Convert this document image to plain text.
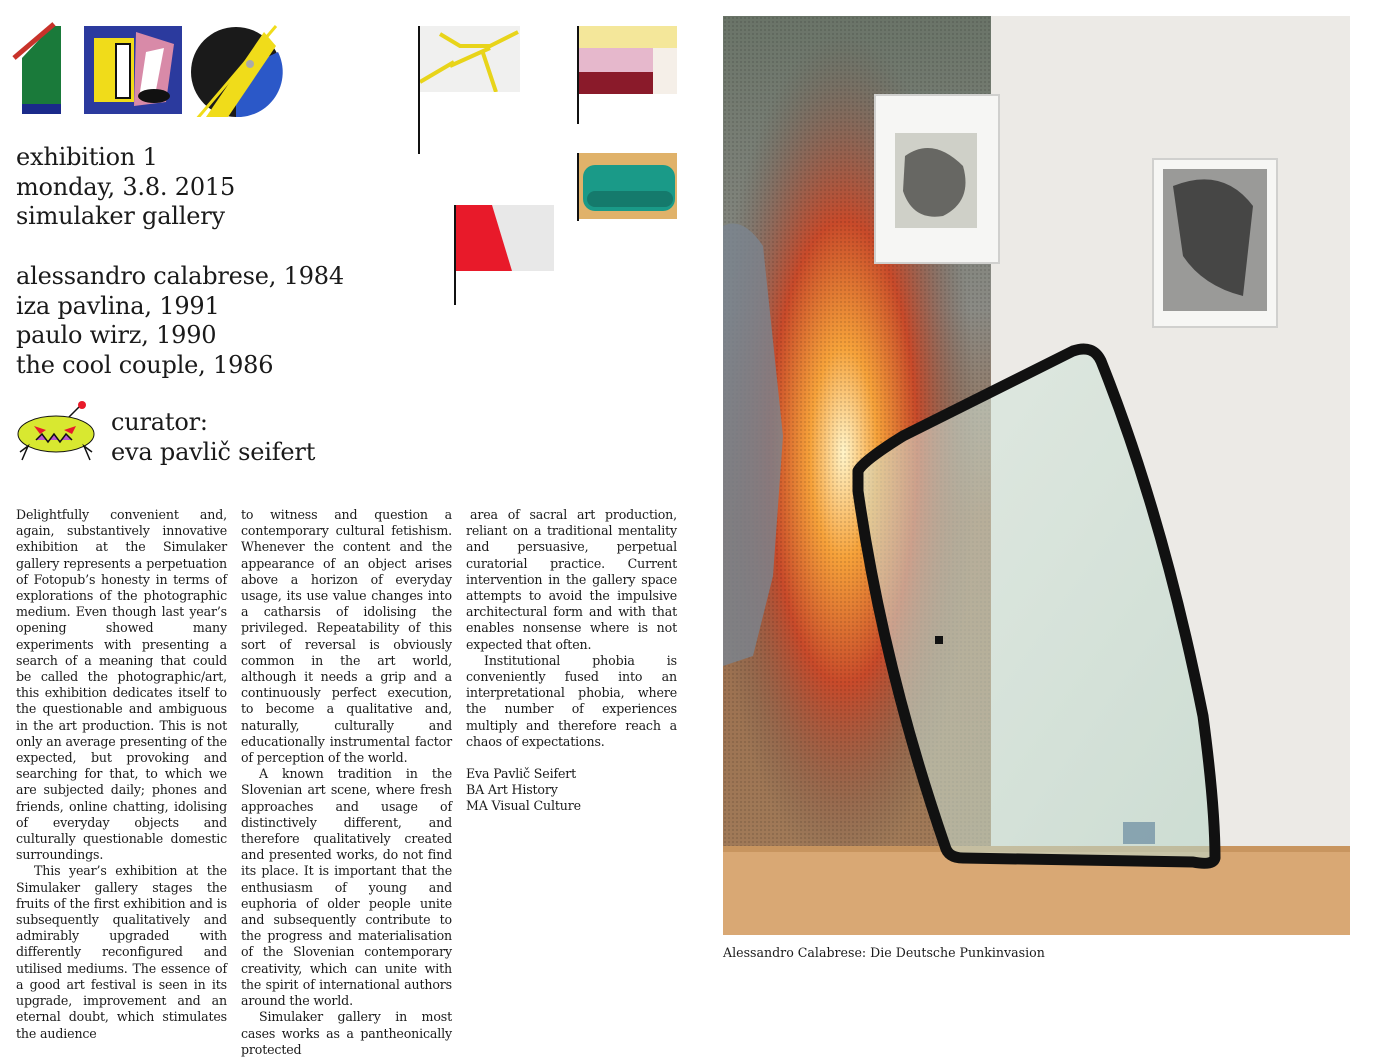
exhibition 1
monday, 3.8. 2015
simulaker gallery
alessandro calabrese, 1984
iza pavlina, 1991
paulo wirz, 1990
the cool couple, 1986
curator:
eva pavlič seifert

Delightfully convenient and, again, substantively innovative exhibition at the Simulaker gallery represents a perpetuation of Fotopub’s honesty in terms of explorations of the photographic medium. Even though last year’s opening showed many experiments with presenting a search of a meaning that could be called the photographic/art, this exhibition dedicates itself to the questionable and ambiguous in the art production. This is not only an average presenting of the expected, but provoking and searching for that, to which we are subjected daily; phones and friends, online chatting, idolising of everyday objects and culturally questionable domestic surroundings.

This year’s exhibition at the Simulaker gallery stages the fruits of the first exhibition and is subsequently qualitatively and admirably upgraded with differently reconfigured and utilised mediums. The essence of a good art festival is seen in its upgrade, improvement and an eternal doubt, which stimulates the audience

to witness and question a contemporary cultural fetishism. Whenever the content and the appearance of an object arises above a horizon of everyday usage, its use value changes into a catharsis of idolising the privileged. Repeatability of this sort of reversal is obviously common in the art world, although it needs a grip and a continuously perfect execution, to become a qualitative and, naturally, culturally and educationally instrumental factor of perception of the world.

A known tradition in the Slovenian art scene, where fresh approaches and usage of distinctively different, and therefore qualitatively created and presented works, do not find its place. It is important that the enthusiasm of young and euphoria of older people unite and subsequently contribute to the progress and materialisation of the Slovenian contemporary creativity, which can unite with the spirit of international authors around the world.

Simulaker gallery in most cases works as a pantheonically protected

area of sacral art production, reliant on a traditional mentality and persuasive, perpetual curatorial practice. Current intervention in the gallery space attempts to avoid the impulsive architectural form and with that enables nonsense where is not expected that often.

Institutional phobia is conveniently fused into an interpretational phobia, where the number of experiences multiply and therefore reach a chaos of expectations.

Eva Pavlič Seifert

BA Art History

MA Visual Culture

Alessandro Calabrese: Die Deutsche Punkinvasion
